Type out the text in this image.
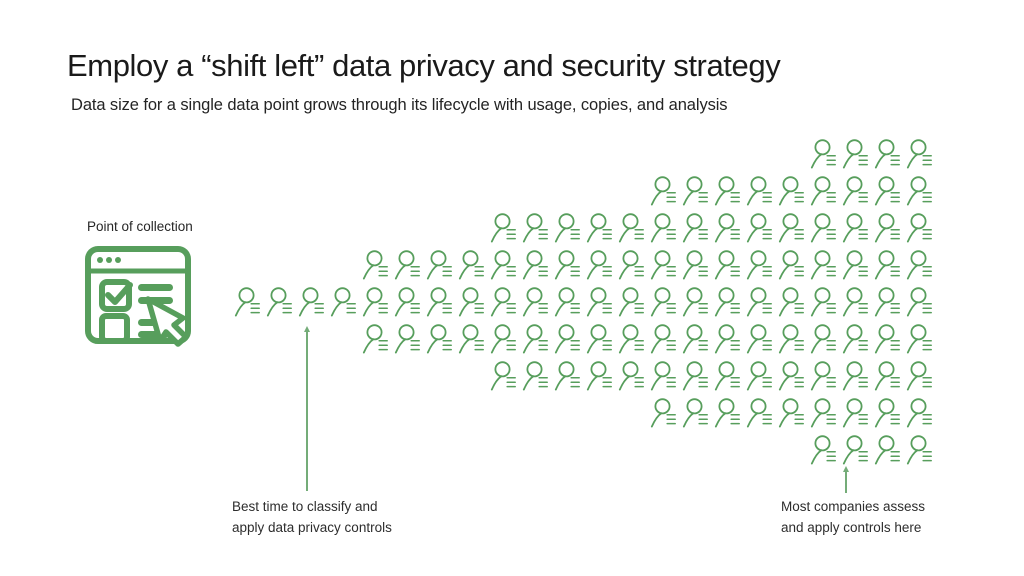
Employ a “shift left” data privacy and security strategy
Data size for a single data point grows through its lifecycle with usage, copies, and analysis
Point of collection
Best time to classify and
apply data privacy controls
Most companies assess
and apply controls here
